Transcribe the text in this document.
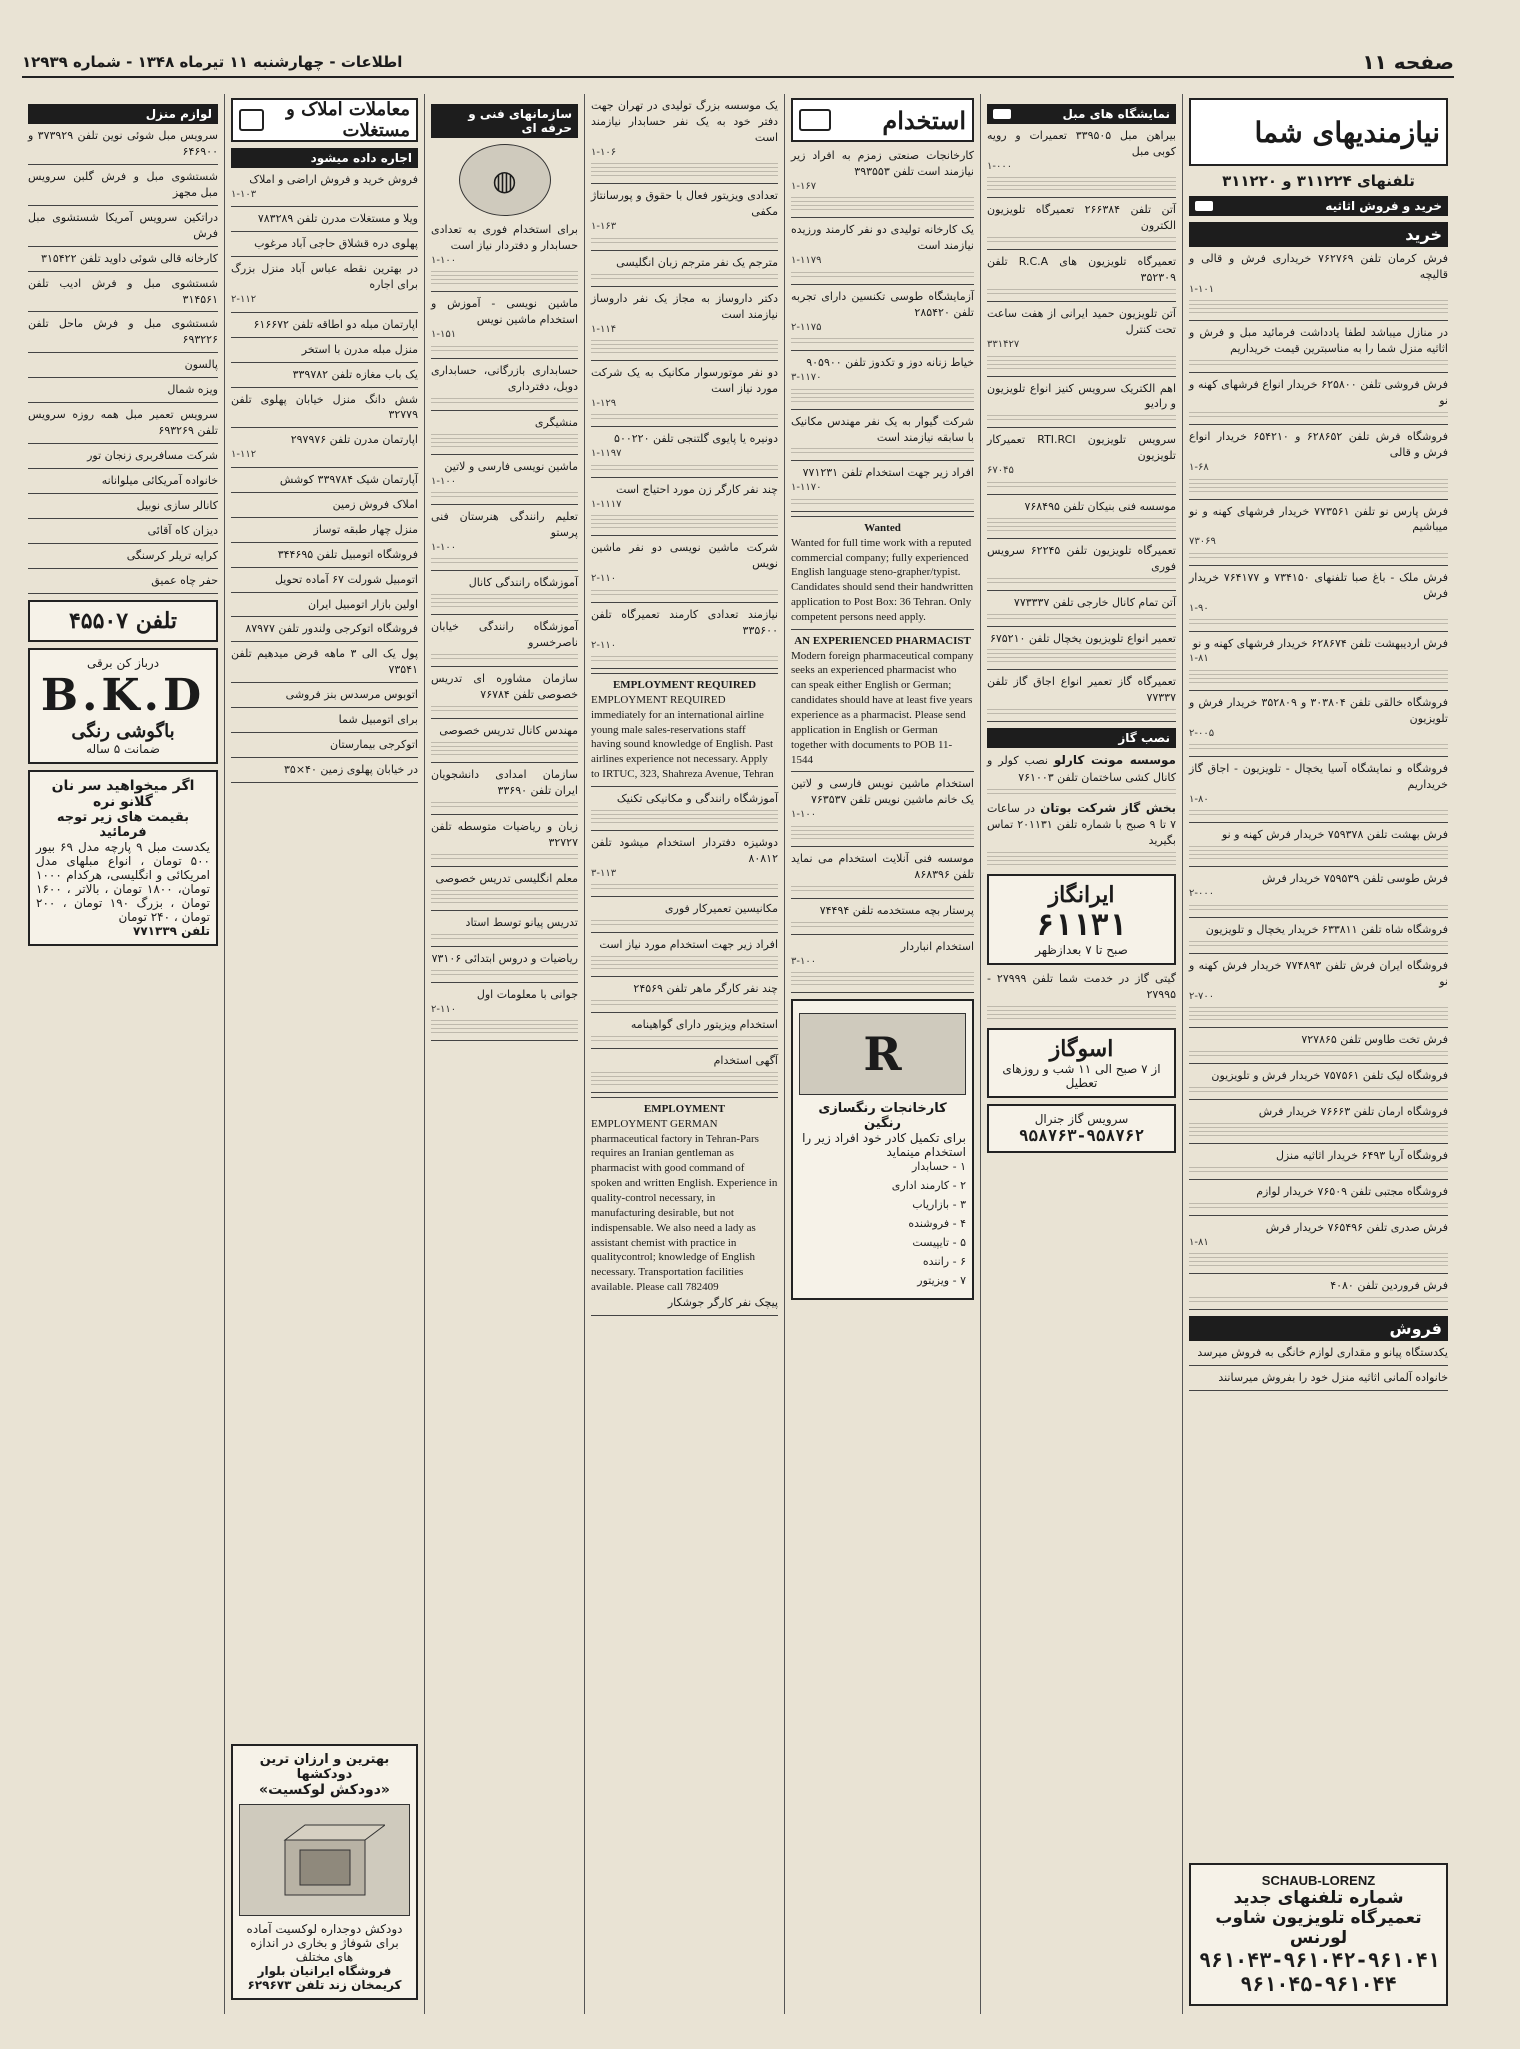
صفحه ۱۱
اطلاعات - چهارشنبه ۱۱ تیرماه ۱۳۴۸ - شماره ۱۲۹۳۹
نیازمندیهای شما
تلفنهای ۳۱۱۲۲۴ و ۳۱۱۲۲۰
خرید و فروش اثاثیه
خرید
فرش کرمان تلفن ۷۶۲۷۶۹ خریداری فرش و قالی و قالیچه
۱-۱۰۱
در منازل میباشد لطفا یادداشت فرمائید مبل و فرش و اثاثیه منزل شما را به مناسبترین قیمت خریداریم
فرش فروشی تلفن ۶۲۵۸۰۰ خریدار انواع فرشهای کهنه و نو
فروشگاه فرش تلفن ۶۲۸۶۵۲ و ۶۵۴۲۱۰ خریدار انواع فرش و قالی
۱-۶۸
فرش پارس نو تلفن ۷۷۳۵۶۱ خریدار فرشهای کهنه و نو میباشیم
۷۳۰۶۹
فرش ملک - باغ صبا تلفنهای ۷۳۴۱۵۰ و ۷۶۴۱۷۷ خریدار فرش
۱-۹۰
فرش اردیبهشت تلفن ۶۲۸۶۷۴ خریدار فرشهای کهنه و نو
۱-۸۱
فروشگاه خالقی تلفن ۳۰۳۸۰۴ و ۳۵۲۸۰۹ خریدار فرش و تلویزیون
۲-۰۰۵
فروشگاه و نمایشگاه آسیا یخچال - تلویزیون - اجاق گاز خریداریم
۱-۸۰
فرش بهشت تلفن ۷۵۹۳۷۸ خریدار فرش کهنه و نو
فرش طوسی تلفن ۷۵۹۵۳۹ خریدار فرش
۲-۰۰۰
فروشگاه شاه تلفن ۶۳۳۸۱۱ خریدار یخچال و تلویزیون
فروشگاه ایران فرش تلفن ۷۷۴۸۹۳ خریدار فرش کهنه و نو
۲-۷۰۰
فرش تخت طاوس تلفن ۷۲۷۸۶۵
فروشگاه لیک تلفن ۷۵۷۵۶۱ خریدار فرش و تلویزیون
فروشگاه ارمان تلفن ۷۶۶۶۳ خریدار فرش
فروشگاه آریا ۶۴۹۳ خریدار اثاثیه منزل
فروشگاه مجتبی تلفن ۷۶۵۰۹ خریدار لوازم
فرش صدری تلفن ۷۶۵۴۹۶ خریدار فرش
۱-۸۱
فرش فروردین تلفن ۴۰۸۰
فروش
یکدستگاه پیانو و مقداری لوازم خانگی به فروش میرسد
خانواده آلمانی اثاثیه منزل خود را بفروش میرسانند
SCHAUB-LORENZ
شماره تلفنهای جدید
تعمیرگاه تلویزیون شاوب لورنس
۹۶۱۰۴۳-۹۶۱۰۴۲-۹۶۱۰۴۱
۹۶۱۰۴۵-۹۶۱۰۴۴
نمایشگاه های مبل
بیراهن مبل ۳۳۹۵۰۵ تعمیرات و رویه کوبی مبل
۱-۰۰۰
آتن تلفن ۲۶۶۳۸۴ تعمیرگاه تلویزیون الکترون
تعمیرگاه تلویزیون های R.C.A تلفن ۳۵۲۳۰۹
آتن تلویزیون حمید ایرانی از هفت ساعت تحت کنترل
۳۳۱۴۲۷
اهم الکتریک سرویس کنیز انواع تلویزیون و رادیو
سرویس تلویزیون RTI.RCI تعمیرکار تلویزیون
۶۷۰۴۵
موسسه فنی بنیکان تلفن ۷۶۸۴۹۵
تعمیرگاه تلویزیون تلفن ۶۲۲۴۵ سرویس فوری
آتن تمام کانال خارجی تلفن ۷۷۳۳۳۷
تعمیر انواع تلویزیون یخچال تلفن ۶۷۵۲۱۰
تعمیرگاه گاز تعمیر انواع اجاق گاز تلفن ۷۷۳۳۷
نصب گاز
موسسه مونت کارلو نصب کولر و کانال کشی ساختمان تلفن ۷۶۱۰۰۳
بخش گاز شرکت بوتان در ساعات ۷ تا ۹ صبح با شماره تلفن ۲۰۱۱۳۱ تماس بگیرید
ایرانگاز
۶۱۱۳۱
صبح تا ۷ بعدازظهر
گیتی گاز در خدمت شما تلفن ۲۷۹۹۹ - ۲۷۹۹۵
اسوگاز
از ۷ صبح الی ۱۱ شب و روزهای تعطیل
سرویس گاز جنرال
۹۵۸۷۶۳-۹۵۸۷۶۲
استخدام
کارخانجات صنعتی زمزم به افراد زیر نیازمند است تلفن ۳۹۳۵۵۳
۱-۱۶۷
یک کارخانه تولیدی دو نفر کارمند ورزیده نیازمند است
۱-۱۱۷۹
آزمایشگاه طوسی تکنسین دارای تجربه تلفن ۲۸۵۴۲۰
۲-۱۱۷۵
خیاط زنانه دوز و تکدوز تلفن ۹۰۵۹۰۰
۳-۱۱۷۰
شرکت گیوار به یک نفر مهندس مکانیک با سابقه نیازمند است
افراد زیر جهت استخدام تلفن ۷۷۱۲۳۱
۱-۱۱۷۰
Wanted
Wanted for full time work with a reputed commercial company; fully experienced English language steno-grapher/typist. Candidates should send their handwritten application to Post Box: 36 Tehran. Only competent persons need apply.
AN EXPERIENCED PHARMACIST
Modern foreign pharmaceutical company seeks an experienced pharmacist who can speak either English or German; candidates should have at least five years experience as a pharmacist. Please send application in English or German together with documents to POB 11-1544
استخدام ماشین نویس فارسی و لاتین یک خانم ماشین نویس تلفن ۷۶۳۵۳۷
۱-۱۰۰
موسسه فنی آنلایت استخدام می نماید تلفن ۸۶۸۳۹۶
پرستار بچه مستخدمه تلفن ۷۴۴۹۴
استخدام انباردار
۳-۱۰۰
R
کارخانجات رنگسازی رنگین
برای تکمیل کادر خود افراد زیر را استخدام مینماید
۱ - حسابدار
۲ - کارمند اداری
۳ - بازاریاب
۴ - فروشنده
۵ - تایپیست
۶ - راننده
۷ - ویزیتور
یک موسسه بزرگ تولیدی در تهران جهت دفتر خود به یک نفر حسابدار نیازمند است
۱-۱۰۶
تعدادی ویزیتور فعال با حقوق و پورسانتاژ مکفی
۱-۱۶۳
مترجم یک نفر مترجم زبان انگلیسی
دکتر داروساز به مجاز یک نفر داروساز نیازمند است
۱-۱۱۴
دو نفر موتورسوار مکانیک به یک شرکت مورد نیاز است
۱-۱۲۹
دونیره یا پایوی گلتنجی تلفن ۵۰۰۲۲۰
۱-۱۱۹۷
چند نفر کارگر زن مورد احتیاج است
۱-۱۱۱۷
شرکت ماشین نویسی دو نفر ماشین نویس
۲-۱۱۰
نیازمند تعدادی کارمند تعمیرگاه تلفن ۳۳۵۶۰۰
۲-۱۱۰
EMPLOYMENT REQUIRED
EMPLOYMENT REQUIRED immediately for an international airline young male sales-reservations staff having sound knowledge of English. Past airlines experience not necessary. Apply to IRTUC, 323, Shahreza Avenue, Tehran
آموزشگاه رانندگی و مکانیکی تکنیک
دوشیزه دفتردار استخدام میشود تلفن ۸۰۸۱۲
۳-۱۱۳
مکانیسین تعمیرکار فوری
افراد زیر جهت استخدام مورد نیاز است
چند نفر کارگر ماهر تلفن ۲۴۵۶۹
استخدام ویزیتور دارای گواهینامه
آگهی استخدام
EMPLOYMENT
EMPLOYMENT GERMAN pharmaceutical factory in Tehran-Pars requires an Iranian gentleman as pharmacist with good command of spoken and written English. Experience in quality-control necessary, in manufacturing desirable, but not indispensable. We also need a lady as assistant chemist with practice in qualitycontrol; knowledge of English necessary. Transportation facilities available. Please call 782409
پیچک نفر کارگر جوشکار
سازمانهای فنی و حرفه ای
◍
برای استخدام فوری به تعدادی حسابدار و دفتردار نیاز است
۱-۱۰۰
ماشین نویسی - آموزش و استخدام ماشین نویس
۱-۱۵۱
حسابداری بازرگانی، حسابداری دوبل، دفترداری
منشیگری
ماشین نویسی فارسی و لاتین
۱-۱۰۰
تعلیم رانندگی هنرستان فنی پرستو
۱-۱۰۰
آموزشگاه رانندگی کانال
آموزشگاه رانندگی خیابان ناصرخسرو
سازمان مشاوره ای تدریس خصوصی تلفن ۷۶۷۸۴
مهندس کانال تدریس خصوصی
سازمان امدادی دانشجویان ایران تلفن ۳۳۶۹۰
زبان و ریاضیات متوسطه تلفن ۳۲۷۲۷
معلم انگلیسی تدریس خصوصی
تدریس پیانو توسط استاد
ریاضیات و دروس ابتدائی ۷۳۱۰۶
جوانی با معلومات اول
۲-۱۱۰
معاملات املاک و مستغلات
اجاره داده میشود
فروش خرید و فروش اراضی و املاک
۱-۱۰۳
ویلا و مستغلات مدرن تلفن ۷۸۳۲۸۹
پهلوی دره قشلاق حاجی آباد مرغوب
در بهترین نقطه عباس آباد منزل بزرگ برای اجاره
۲-۱۱۲
اپارتمان مبله دو اطاقه تلفن ۶۱۶۶۷۲
منزل مبله مدرن با استخر
یک باب مغازه تلفن ۳۳۹۷۸۲
شش دانگ منزل خیابان پهلوی تلفن ۳۲۷۷۹
اپارتمان مدرن تلفن ۲۹۷۹۷۶
۱-۱۱۲
آپارتمان شیک ۳۳۹۷۸۴ کوشش
املاک فروش زمین
منزل چهار طبقه توساز
فروشگاه اتومبیل تلفن ۳۴۴۶۹۵
اتومبیل شورلت ۶۷ آماده تحویل
اولین بازار اتومبیل ایران
فروشگاه اتوکرجی ولندور تلفن ۸۷۹۷۷
پول یک الی ۳ ماهه قرض میدهیم تلفن ۷۳۵۴۱
اتوبوس مرسدس بنز فروشی
برای اتومبیل شما
اتوکرجی بیمارستان
در خیابان پهلوی زمین ۴۰×۳۵
بهترین و ارزان ترین دودکشها
«دودکش لوکسیت»
دودکش دوجداره لوکسیت آماده برای شوفاژ و بخاری در اندازه های مختلف
فروشگاه ایرانیان بلوار کریمخان زند تلفن ۶۲۹۶۷۳
لوازم منزل
سرویس مبل شوئی نوین تلفن ۳۷۳۹۲۹ و ۶۴۶۹۰۰
شستشوی مبل و فرش گلبن سرویس مبل مجهز
دراتکین سرویس آمریکا شستشوی مبل فرش
کارخانه قالی شوئی داوید تلفن ۳۱۵۴۲۲
شستشوی مبل و فرش ادیب تلفن ۳۱۴۵۶۱
شستشوی مبل و فرش ماحل تلفن ۶۹۳۲۲۶
پالسون
ویزه شمال
سرویس تعمیر مبل همه روزه سرویس تلفن ۶۹۳۲۶۹
شرکت مسافربری زنجان تور
خانواده آمریکائی میلوانانه
کانالر سازی نوبیل
دیزان کاه آقائی
کرایه تریلر کرسنگی
حفر چاه عمیق
تلفن ۴۵۵۰۷
درباز کن برقی
B.K.D
باگوشی رنگی
ضمانت ۵ ساله
اگر میخواهید سر نان گلانو نره
بقیمت های زیر توجه فرمائید
یکدست مبل ۹ پارچه مدل ۶۹ بیور ۵۰۰ تومان ، انواع مبلهای مدل امریکائی و انگلیسی، هرکدام ۱۰۰۰ تومان، ۱۸۰۰ تومان ، بالاتر ، ۱۶۰۰ تومان ، بزرگ ۱۹۰ تومان ، ۲۰۰ تومان ، ۲۴۰ تومان
تلفن ۷۷۱۳۳۹
